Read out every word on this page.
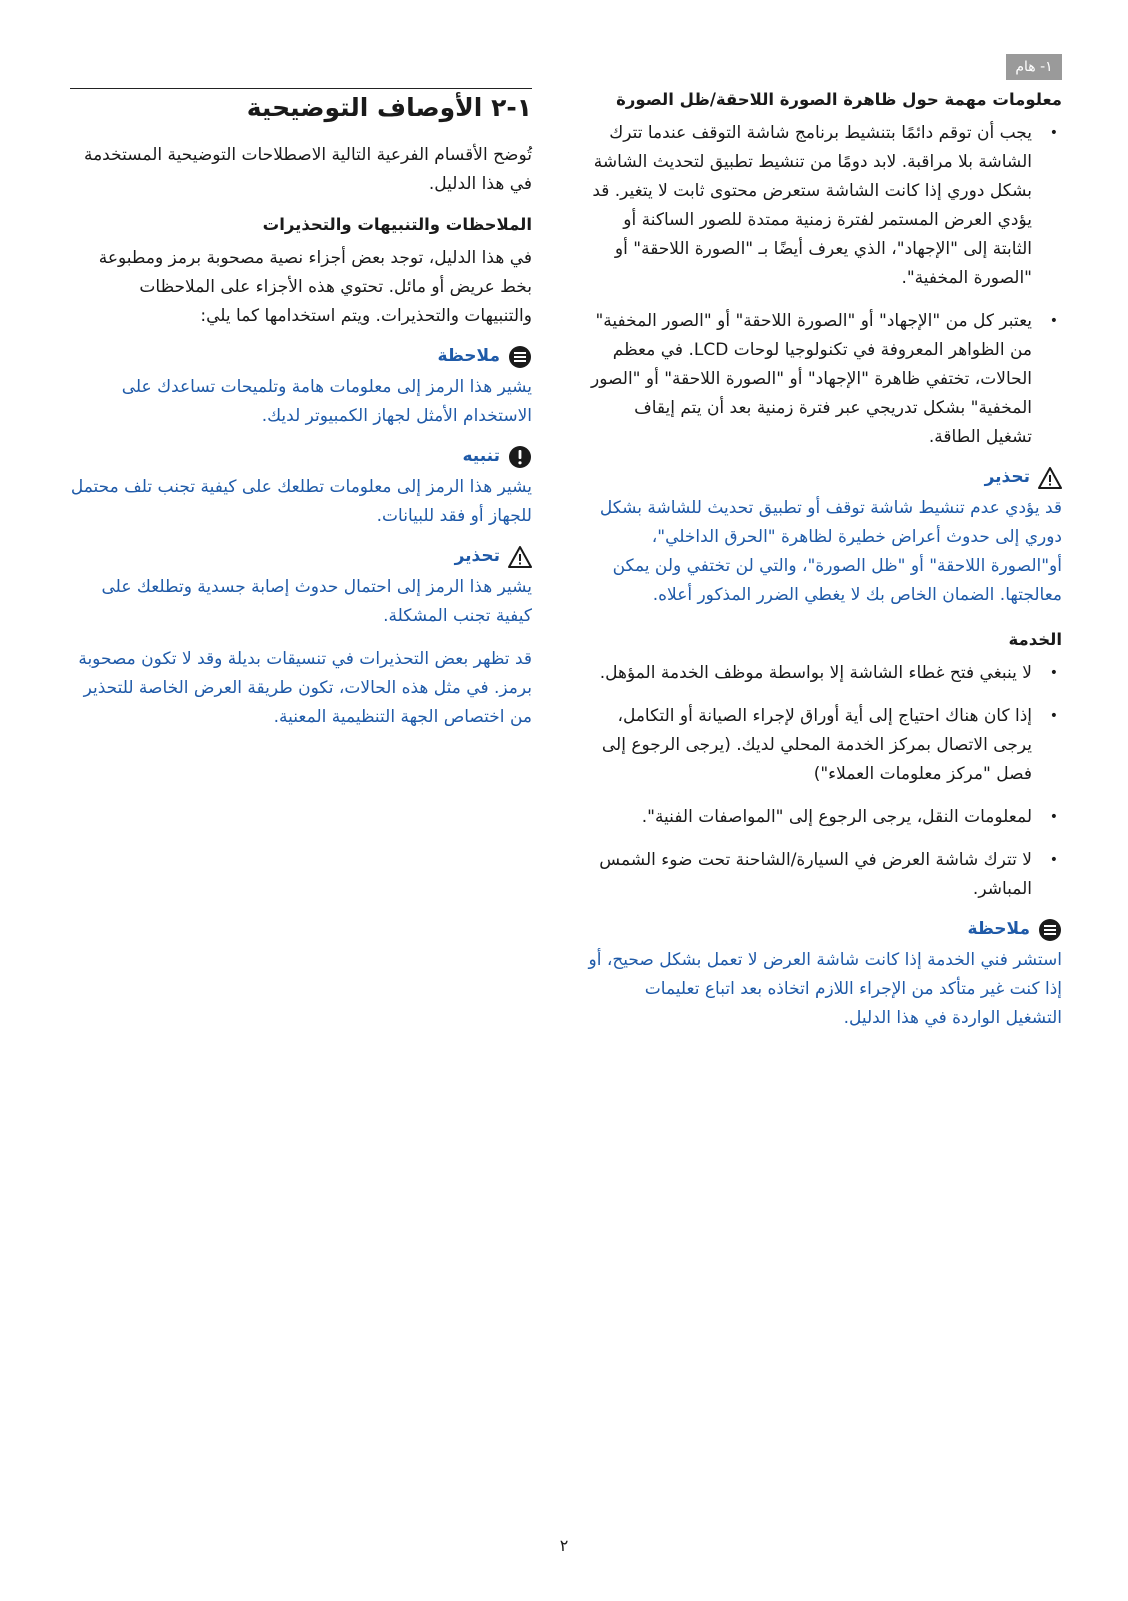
١- هام
معلومات مهمة حول ظاهرة الصورة اللاحقة/ظل الصورة
•
يجب أن توقم دائمًا بتنشيط برنامج شاشة التوقف عندما تترك الشاشة بلا مراقبة. لابد دومًا من تنشيط تطبيق لتحديث الشاشة بشكل دوري إذا كانت الشاشة ستعرض محتوى ثابت لا يتغير. قد يؤدي العرض المستمر لفترة زمنية ممتدة للصور الساكنة أو الثابتة إلى "الإجهاد"، الذي يعرف أيضًا بـ "الصورة اللاحقة" أو "الصورة المخفية".
•
يعتبر كل من "الإجهاد" أو "الصورة اللاحقة" أو "الصور المخفية" من الظواهر المعروفة في تكنولوجيا لوحات LCD. في معظم الحالات، تختفي ظاهرة "الإجهاد" أو "الصورة اللاحقة" أو "الصور المخفية" بشكل تدريجي عبر فترة زمنية بعد أن يتم إيقاف تشغيل الطاقة.
تحذير

قد يؤدي عدم تنشيط شاشة توقف أو تطبيق تحديث للشاشة بشكل دوري إلى حدوث أعراض خطيرة لظاهرة "الحرق الداخلي"، أو"الصورة اللاحقة" أو "ظل الصورة"، والتي لن تختفي ولن يمكن معالجتها. الضمان الخاص بك لا يغطي الضرر المذكور أعلاه.

الخدمة
•
لا ينبغي فتح غطاء الشاشة إلا بواسطة موظف الخدمة المؤهل.
•
إذا كان هناك احتياج إلى أية أوراق لإجراء الصيانة أو التكامل، يرجى الاتصال بمركز الخدمة المحلي لديك. (يرجى الرجوع إلى فصل "مركز معلومات العملاء")
•
لمعلومات النقل، يرجى الرجوع إلى "المواصفات الفنية".
•
لا تترك شاشة العرض في السيارة/الشاحنة تحت ضوء الشمس المباشر.
ملاحظة

استشر فني الخدمة إذا كانت شاشة العرض لا تعمل بشكل صحيح، أو إذا كنت غير متأكد من الإجراء اللازم اتخاذه بعد اتباع تعليمات التشغيل الواردة في هذا الدليل.

١-٢ الأوصاف التوضيحية

تُوضح الأقسام الفرعية التالية الاصطلاحات التوضيحية المستخدمة في هذا الدليل.

الملاحظات والتنبيهات والتحذيرات

في هذا الدليل، توجد بعض أجزاء نصية مصحوبة برمز ومطبوعة بخط عريض أو مائل. تحتوي هذه الأجزاء على الملاحظات والتنبيهات والتحذيرات. ويتم استخدامها كما يلي:

ملاحظة

يشير هذا الرمز إلى معلومات هامة وتلميحات تساعدك على الاستخدام الأمثل لجهاز الكمبيوتر لديك.

تنبيه

يشير هذا الرمز إلى معلومات تطلعك على كيفية تجنب تلف محتمل للجهاز أو فقد للبيانات.

تحذير

يشير هذا الرمز إلى احتمال حدوث إصابة جسدية وتطلعك على كيفية تجنب المشكلة.

قد تظهر بعض التحذيرات في تنسيقات بديلة وقد لا تكون مصحوبة برمز. في مثل هذه الحالات، تكون طريقة العرض الخاصة للتحذير من اختصاص الجهة التنظيمية المعنية.

٢
